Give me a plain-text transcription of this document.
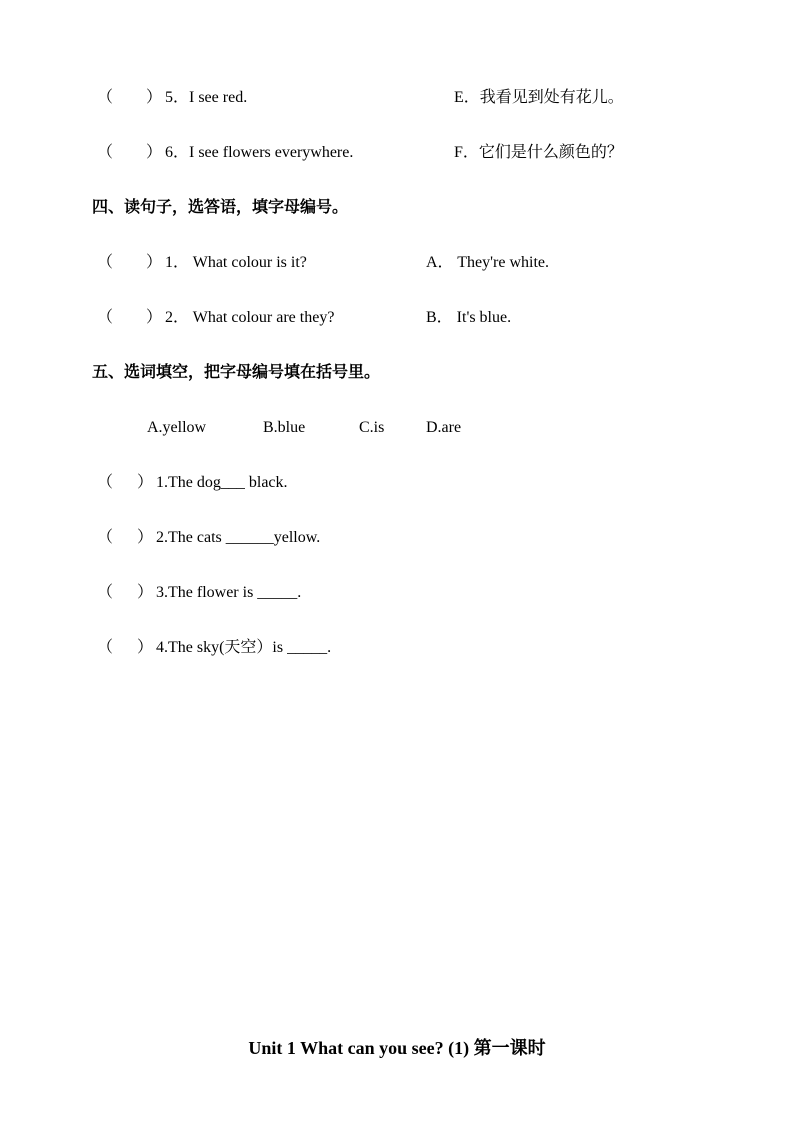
（ ） 5．I see red.	E．我看见到处有花儿。
（ ） 6．I see flowers everywhere.	F．它们是什么颜色的？
四、读句子，选答语，填字母编号。
（ ） 1． What colour is it?	A． They're white.
（ ） 2． What colour are they?	B． It's blue.
五、选词填空，把字母编号填在括号里。
A.yellow	B.blue	C.is	D.are
（ ） 1.The dog___ black.
（ ） 2.The cats ______yellow.
（ ） 3.The flower is _____.
（ ） 4.The sky(天空）is _____.
Unit 1 What can you see? (1) 第一课时
